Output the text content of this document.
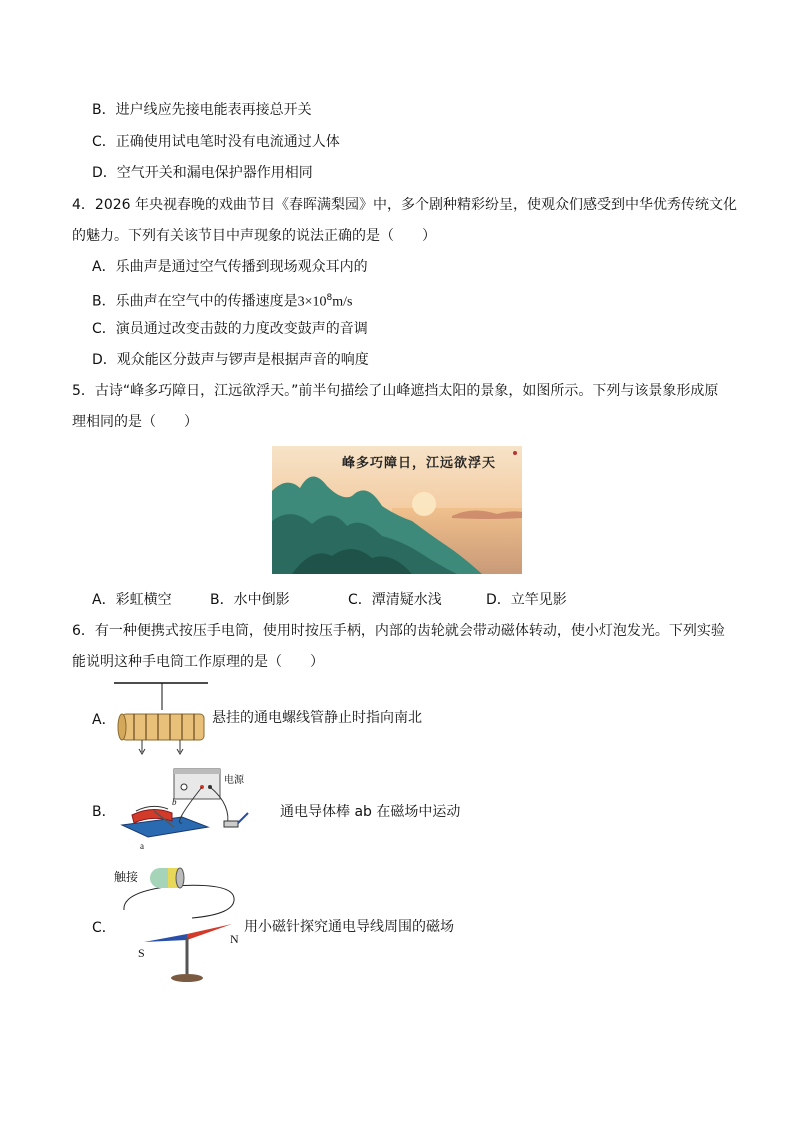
B．进户线应先接电能表再接总开关
C．正确使用试电笔时没有电流通过人体
D．空气开关和漏电保护器作用相同
4．2026 年央视春晚的戏曲节目《春晖满梨园》中，多个剧种精彩纷呈，使观众们感受到中华优秀传统文化
的魅力。下列有关该节目中声现象的说法正确的是（　　）
A．乐曲声是通过空气传播到现场观众耳内的
B．乐曲声在空气中的传播速度是$3\times 10^8m/s$
C．演员通过改变击鼓的力度改变鼓声的音调
D．观众能区分鼓声与锣声是根据声音的响度
5．古诗“峰多巧障日，江远欲浮天。”前半句描绘了山峰遮挡太阳的景象，如图所示。下列与该景象形成原
理相同的是（　　）
峰多巧障日，江远欲浮天
A．彩虹横空	B．水中倒影	C．潭清疑水浅	D．立竿见影
6．有一种便携式按压手电筒，使用时按压手柄，内部的齿轮就会带动磁体转动，使小灯泡发光。下列实验
能说明这种手电筒工作原理的是（　　）
A．	悬挂的通电螺线管静止时指向南北
B．
电源
b
a
通电导体棒 ab 在磁场中运动
C．
触接
S
N
用小磁针探究通电导线周围的磁场
